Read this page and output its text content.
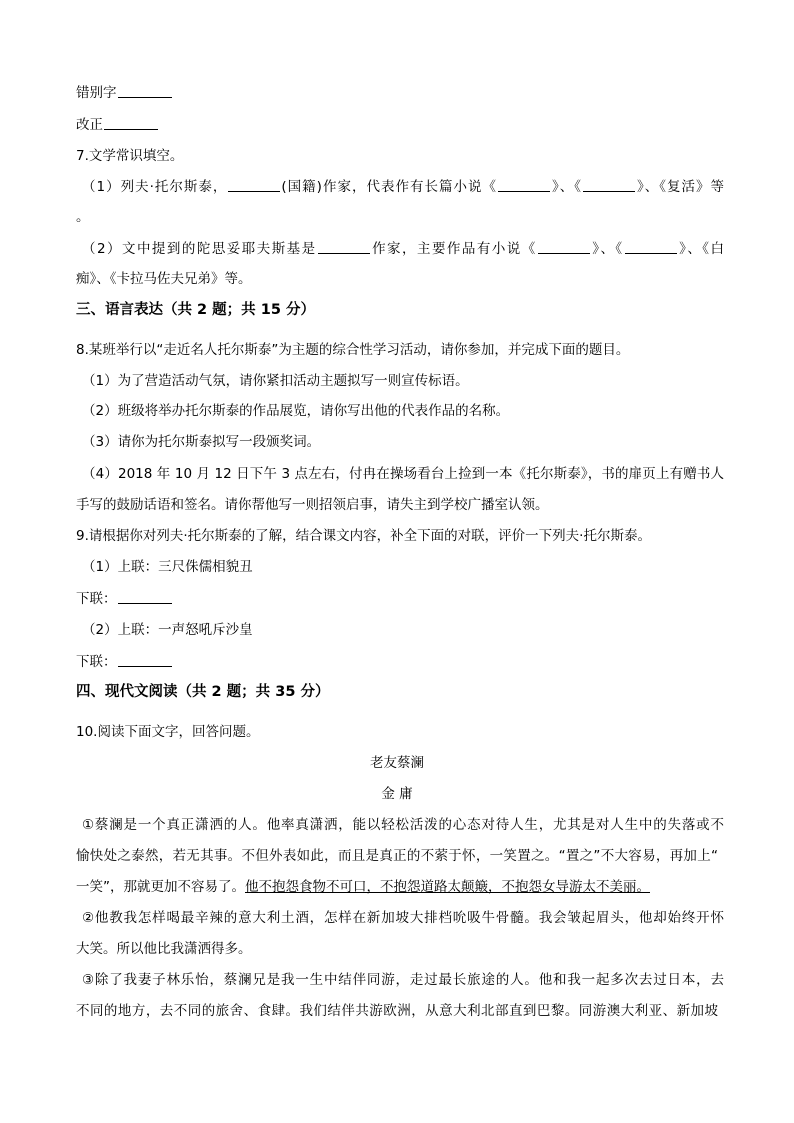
错别字
改正
7.文学常识填空。
（1）列夫·托尔斯泰，	(国籍)作家，代表作有长篇小说《	》、《	》、《复活》等
。
（2）文中提到的陀思妥耶夫斯基是	作家，主要作品有小说《	》、《	》、《白
痴》、《卡拉马佐夫兄弟》等。
三、语言表达（共 2 题；共 15 分）
8.某班举行以“走近名人托尔斯泰”为主题的综合性学习活动，请你参加，并完成下面的题目。
（1）为了营造活动气氛，请你紧扣活动主题拟写一则宣传标语。
（2）班级将举办托尔斯泰的作品展览，请你写出他的代表作品的名称。
（3）请你为托尔斯泰拟写一段颁奖词。
（4）2018 年 10 月 12 日下午 3 点左右，付冉在操场看台上捡到一本《托尔斯泰》，书的扉页上有赠书人
手写的鼓励话语和签名。请你帮他写一则招领启事，请失主到学校广播室认领。
9.请根据你对列夫·托尔斯泰的了解，结合课文内容，补全下面的对联，评价一下列夫·托尔斯泰。
（1）上联：三尺侏儒相貌丑
下联：
（2）上联：一声怒吼斥沙皇
下联：
四、现代文阅读（共 2 题；共 35 分）
10.阅读下面文字，回答问题。
老友蔡澜
金 庸
①蔡澜是一个真正潇洒的人。他率真潇洒，能以轻松活泼的心态对待人生，尤其是对人生中的失落或不
愉快处之泰然，若无其事。不但外表如此，而且是真正的不萦于怀，一笑置之。“置之”不大容易，再加上“
一笑”，那就更加不容易了。他不抱怨食物不可口，不抱怨道路太颠簸，不抱怨女导游太不美丽。
②他教我怎样喝最辛辣的意大利土酒，怎样在新加坡大排档吮吸牛骨髓。我会皱起眉头，他却始终开怀
大笑。所以他比我潇洒得多。
③除了我妻子林乐怡，蔡澜兄是我一生中结伴同游，走过最长旅途的人。他和我一起多次去过日本，去
不同的地方，去不同的旅舍、食肆。我们结伴共游欧洲，从意大利北部直到巴黎。同游澳大利亚、新加坡
